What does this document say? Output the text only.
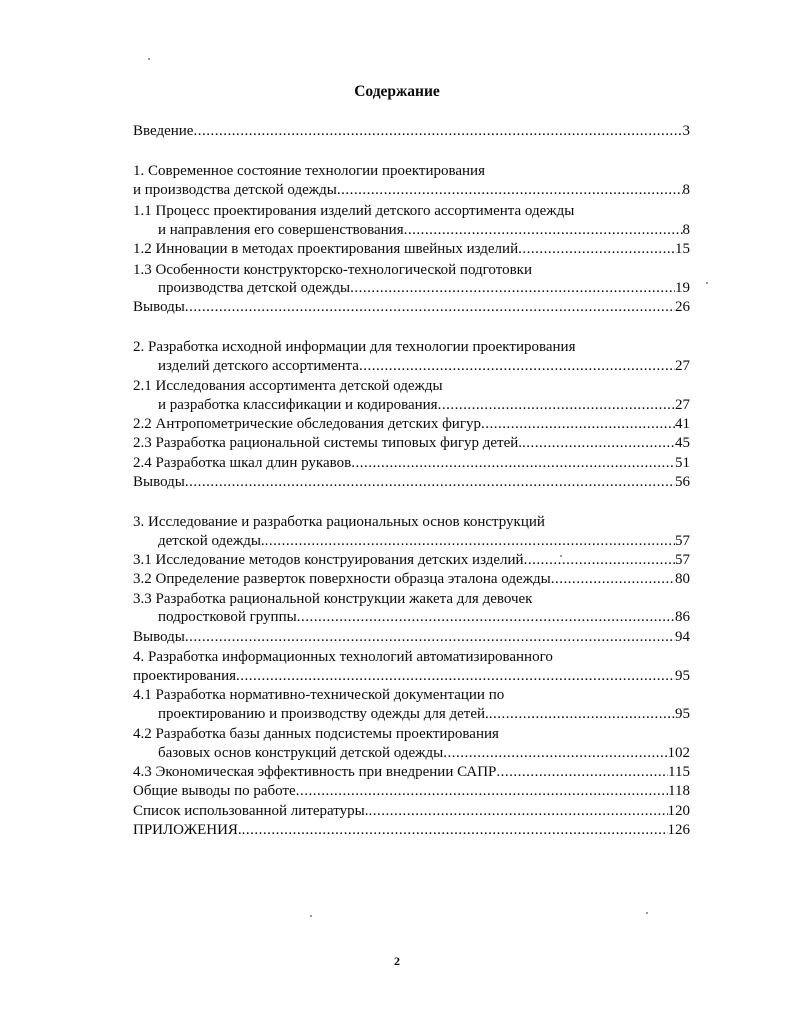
Содержание
Введение .....	3
1. Современное состояние технологии проектирования
и производства детской одежды .....	8
1.1 Процесс проектирования изделий детского ассортимента одежды
и направления его совершенствования .....	8
1.2 Инновации в методах проектирования швейных изделий .....	15
1.3 Особенности конструкторско-технологической подготовки
производства детской одежды .....	19
Выводы .....	26
2. Разработка исходной информации для технологии проектирования
изделий детского ассортимента .....	27
2.1 Исследования ассортимента детской одежды
и разработка классификации и кодирования .....	27
2.2 Антропометрические обследования детских фигур .....	41
2.3 Разработка рациональной системы типовых фигур детей. .....	45
2.4 Разработка шкал длин рукавов .....	51
Выводы .....	56
3. Исследование и разработка рациональных основ конструкций
детской одежды. .....	57
3.1 Исследование методов конструирования детских изделий .....	57
3.2 Определение разверток поверхности образца эталона одежды .....	80
3.3 Разработка рациональной конструкции жакета для девочек
подростковой группы .....	86
Выводы .....	94
4. Разработка информационных технологий автоматизированного
проектирования .....	95
4.1 Разработка нормативно-технической документации по
проектированию и производству одежды для детей. .....	95
4.2 Разработка базы данных подсистемы проектирования
базовых основ конструкций детской одежды .....	102
4.3 Экономическая эффективность при внедрении САПР .....	115
Общие выводы по работе .....	118
Список использованной литературы. .....	120
ПРИЛОЖЕНИЯ. .....	126
2
